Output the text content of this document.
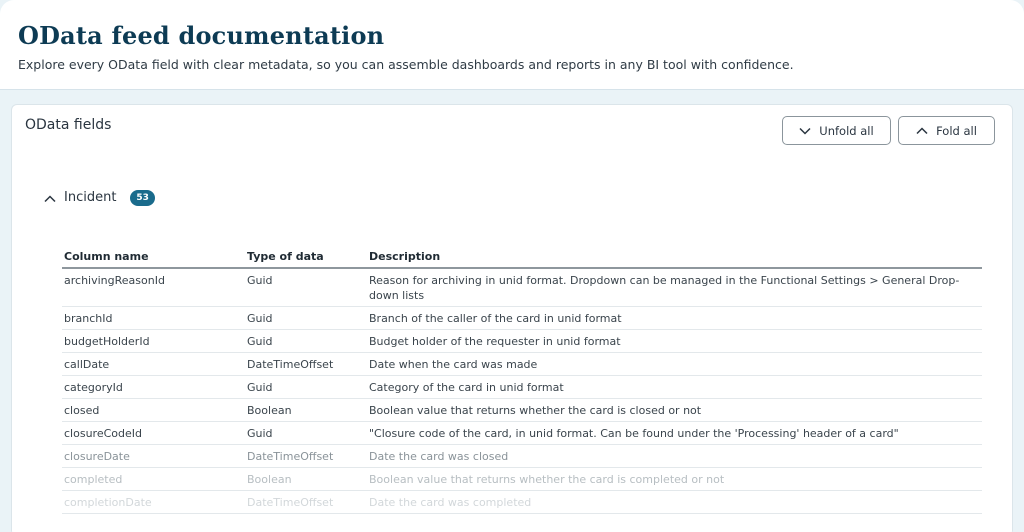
OData feed documentation
Explore every OData field with clear metadata, so you can assemble dashboards and reports in any BI tool with confidence.
OData fields	Unfold all	Fold all
Incident	53
Column name	Type of data	Description
archivingReasonId	Guid	Reason for archiving in unid format. Dropdown can be managed in the Functional Settings > General Drop-down lists
branchId	Guid	Branch of the caller of the card in unid format
budgetHolderId	Guid	Budget holder of the requester in unid format
callDate	DateTimeOffset	Date when the card was made
categoryId	Guid	Category of the card in unid format
closed	Boolean	Boolean value that returns whether the card is closed or not
closureCodeId	Guid	"Closure code of the card, in unid format. Can be found under the 'Processing' header of a card"
closureDate	DateTimeOffset	Date the card was closed
completed	Boolean	Boolean value that returns whether the card is completed or not
completionDate	DateTimeOffset	Date the card was completed
